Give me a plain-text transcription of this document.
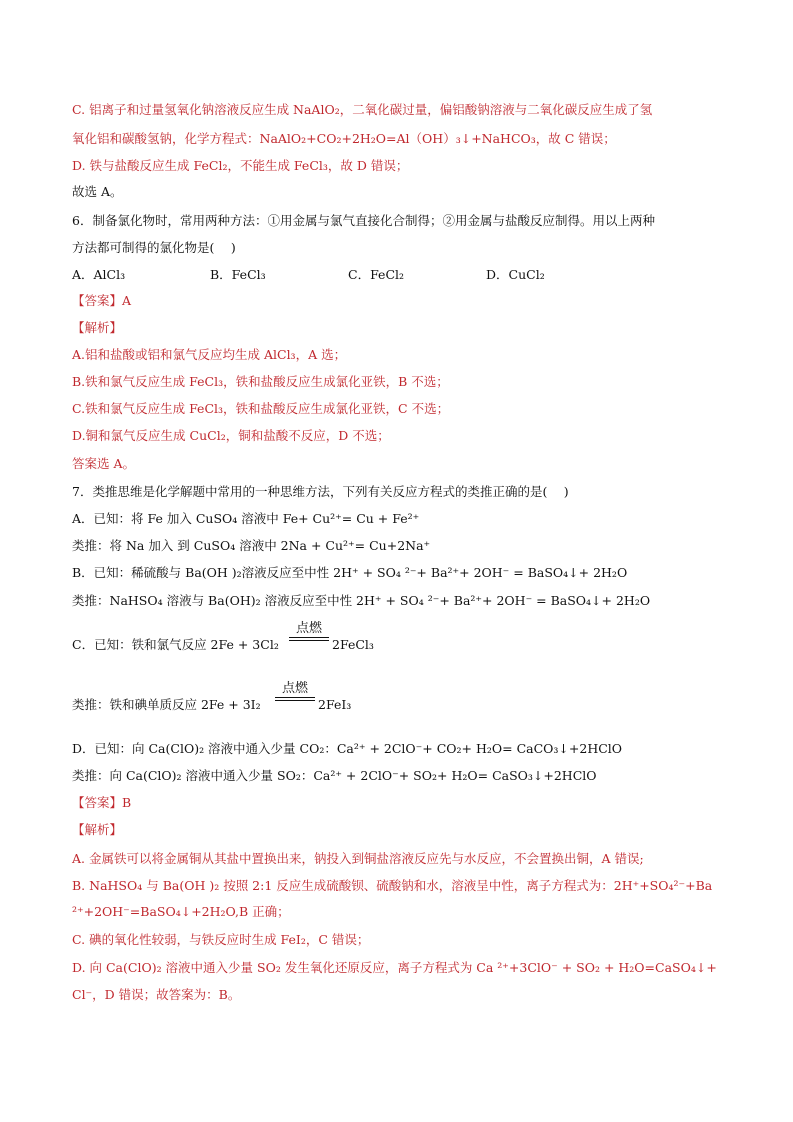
C. 铝离子和过量氢氧化钠溶液反应生成 NaAlO₂，二氧化碳过量，偏铝酸钠溶液与二氧化碳反应生成了氢
氧化铝和碳酸氢钠，化学方程式：NaAlO₂+CO₂+2H₂O=Al（OH）₃↓+NaHCO₃，故 C 错误；
D. 铁与盐酸反应生成 FeCl₂，不能生成 FeCl₃，故 D 错误；
故选 A。
6．制备氯化物时，常用两种方法：①用金属与氯气直接化合制得；②用金属与盐酸反应制得。用以上两种
方法都可制得的氯化物是(　 )
A．AlCl₃	B．FeCl₃	C．FeCl₂	D．CuCl₂
【答案】A
【解析】
A.铝和盐酸或铝和氯气反应均生成 AlCl₃，A 选；
B.铁和氯气反应生成 FeCl₃，铁和盐酸反应生成氯化亚铁，B 不选；
C.铁和氯气反应生成 FeCl₃，铁和盐酸反应生成氯化亚铁，C 不选；
D.铜和氯气反应生成 CuCl₂，铜和盐酸不反应，D 不选；
答案选 A。
7．类推思维是化学解题中常用的一种思维方法，下列有关反应方程式的类推正确的是(　 )
A．已知：将 Fe 加入 CuSO₄ 溶液中 Fe+ Cu²⁺= Cu + Fe²⁺
类推：将 Na 加入 到 CuSO₄ 溶液中 2Na + Cu²⁺= Cu+2Na⁺
B．已知：稀硫酸与 Ba(OH )₂溶液反应至中性 2H⁺ + SO₄ ²⁻+ Ba²⁺+ 2OH⁻ = BaSO₄↓+ 2H₂O
类推：NaHSO₄ 溶液与 Ba(OH)₂ 溶液反应至中性 2H⁺ + SO₄ ²⁻+ Ba²⁺+ 2OH⁻ = BaSO₄↓+ 2H₂O
C．已知：铁和氯气反应 2Fe + 3Cl₂
点燃
2FeCl₃
类推：铁和碘单质反应 2Fe + 3I₂
点燃
2FeI₃
D．已知：向 Ca(ClO)₂ 溶液中通入少量 CO₂：Ca²⁺ + 2ClO⁻+ CO₂+ H₂O= CaCO₃↓+2HClO
类推：向 Ca(ClO)₂ 溶液中通入少量 SO₂：Ca²⁺ + 2ClO⁻+ SO₂+ H₂O= CaSO₃↓+2HClO
【答案】B
【解析】
A. 金属铁可以将金属铜从其盐中置换出来，钠投入到铜盐溶液反应先与水反应，不会置换出铜，A 错误;
B. NaHSO₄ 与 Ba(OH )₂ 按照 2:1 反应生成硫酸钡、硫酸钠和水，溶液呈中性，离子方程式为：2H⁺+SO₄²⁻+Ba
²⁺+2OH⁻=BaSO₄↓+2H₂O,B 正确；
C. 碘的氧化性较弱，与铁反应时生成 FeI₂，C 错误；
D. 向 Ca(ClO)₂ 溶液中通入少量 SO₂ 发生氧化还原反应，离子方程式为 Ca ²⁺+3ClO⁻ + SO₂ + H₂O=CaSO₄↓+
Cl⁻，D 错误；故答案为：B。
